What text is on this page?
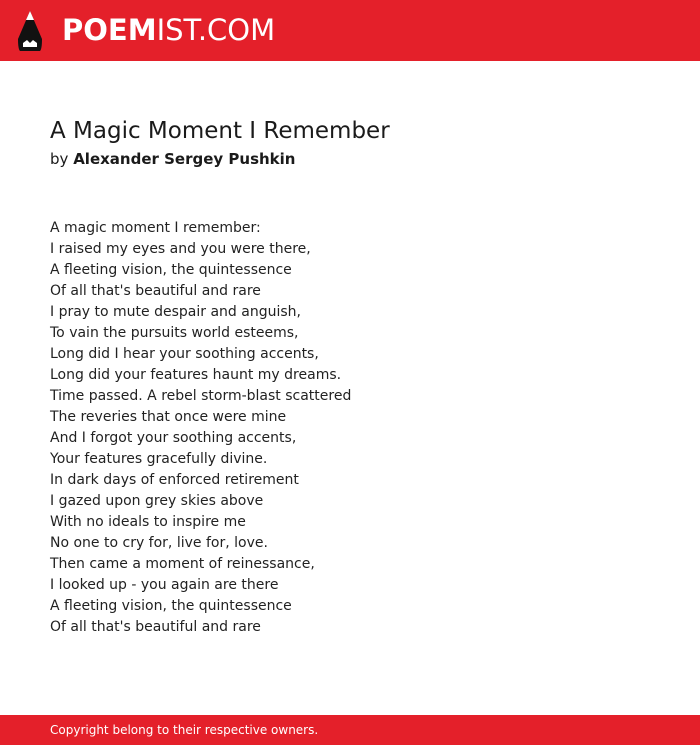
POEMIST.COM
A Magic Moment I Remember
by Alexander Sergey Pushkin
A magic moment I remember:
I raised my eyes and you were there,
A fleeting vision, the quintessence
Of all that's beautiful and rare
I pray to mute despair and anguish,
To vain the pursuits world esteems,
Long did I hear your soothing accents,
Long did your features haunt my dreams.
Time passed. A rebel storm-blast scattered
The reveries that once were mine
And I forgot your soothing accents,
Your features gracefully divine.
In dark days of enforced retirement
I gazed upon grey skies above
With no ideals to inspire me
No one to cry for, live for, love.
Then came a moment of reinessance,
I looked up - you again are there
A fleeting vision, the quintessence
Of all that's beautiful and rare
Copyright belong to their respective owners.
